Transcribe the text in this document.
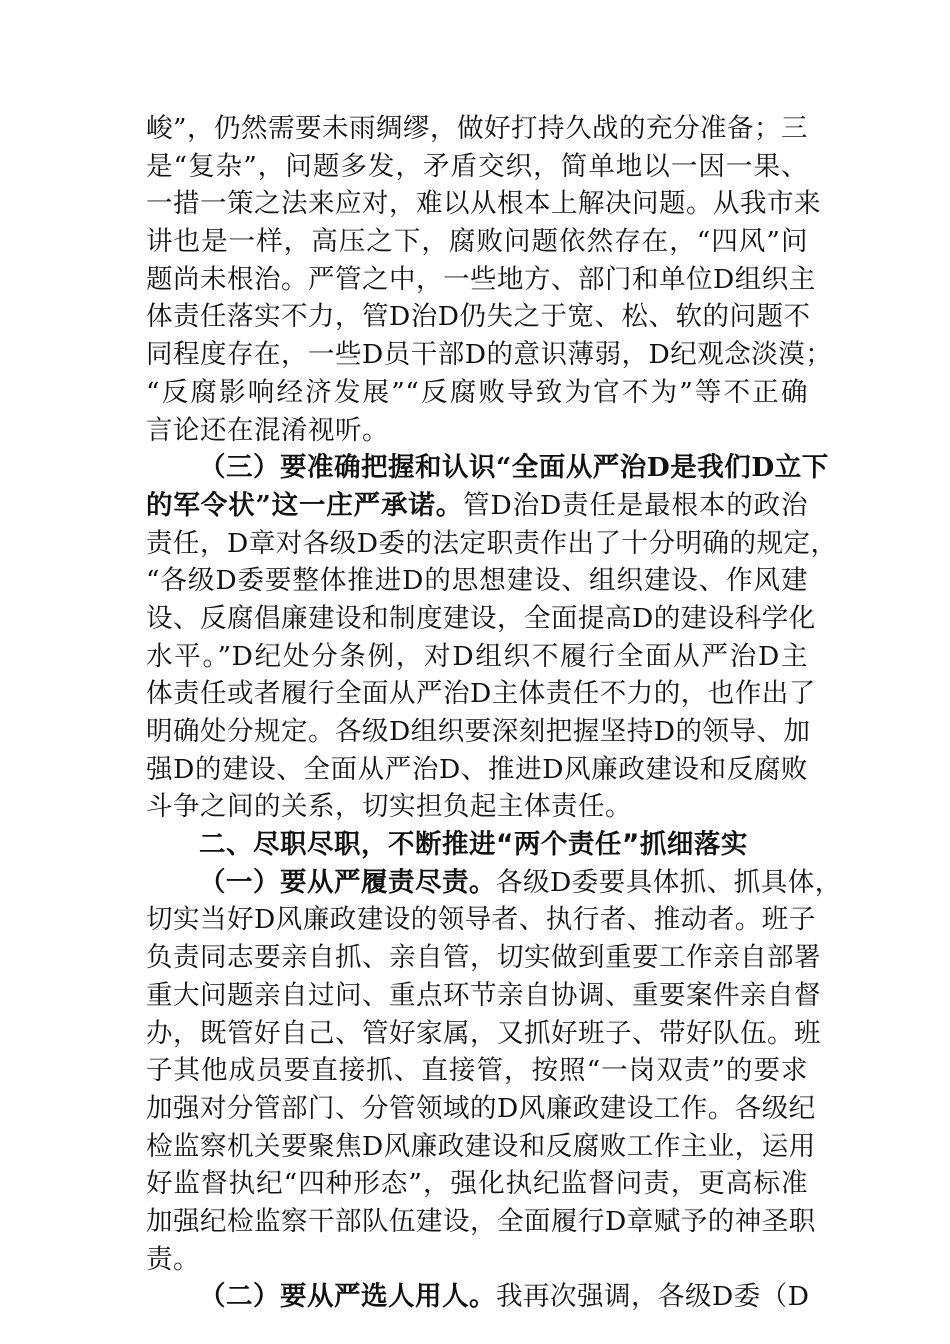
峻”，仍然需要未雨绸缪，做好打持久战的充分准备；三
是“复杂”，问题多发，矛盾交织，简单地以一因一果、
一措一策之法来应对，难以从根本上解决问题。从我市来
讲也是一样，高压之下，腐败问题依然存在，“四风”问
题尚未根治。严管之中，一些地方、部门和单位D组织主
体责任落实不力，管D治D仍失之于宽、松、软的问题不
同程度存在，一些D员干部D的意识薄弱，D纪观念淡漠；
“反腐影响经济发展”“反腐败导致为官不为”等不正确
言论还在混淆视听。
（三）要准确把握和认识“全面从严治D是我们D立下
的军令状”这一庄严承诺。管D治D责任是最根本的政治
责任，D章对各级D委的法定职责作出了十分明确的规定，
“各级D委要整体推进D的思想建设、组织建设、作风建
设、反腐倡廉建设和制度建设，全面提高D的建设科学化
水平。”D纪处分条例，对D组织不履行全面从严治D主
体责任或者履行全面从严治D主体责任不力的，也作出了
明确处分规定。各级D组织要深刻把握坚持D的领导、加
强D的建设、全面从严治D、推进D风廉政建设和反腐败
斗争之间的关系，切实担负起主体责任。
二、尽职尽职，不断推进“两个责任”抓细落实
（一）要从严履责尽责。各级D委要具体抓、抓具体，
切实当好D风廉政建设的领导者、执行者、推动者。班子
负责同志要亲自抓、亲自管，切实做到重要工作亲自部署
重大问题亲自过问、重点环节亲自协调、重要案件亲自督
办，既管好自己、管好家属，又抓好班子、带好队伍。班
子其他成员要直接抓、直接管，按照“一岗双责”的要求
加强对分管部门、分管领域的D风廉政建设工作。各级纪
检监察机关要聚焦D风廉政建设和反腐败工作主业，运用
好监督执纪“四种形态”，强化执纪监督问责，更高标准
加强纪检监察干部队伍建设，全面履行D章赋予的神圣职
责。
（二）要从严选人用人。我再次强调，各级D委（D
